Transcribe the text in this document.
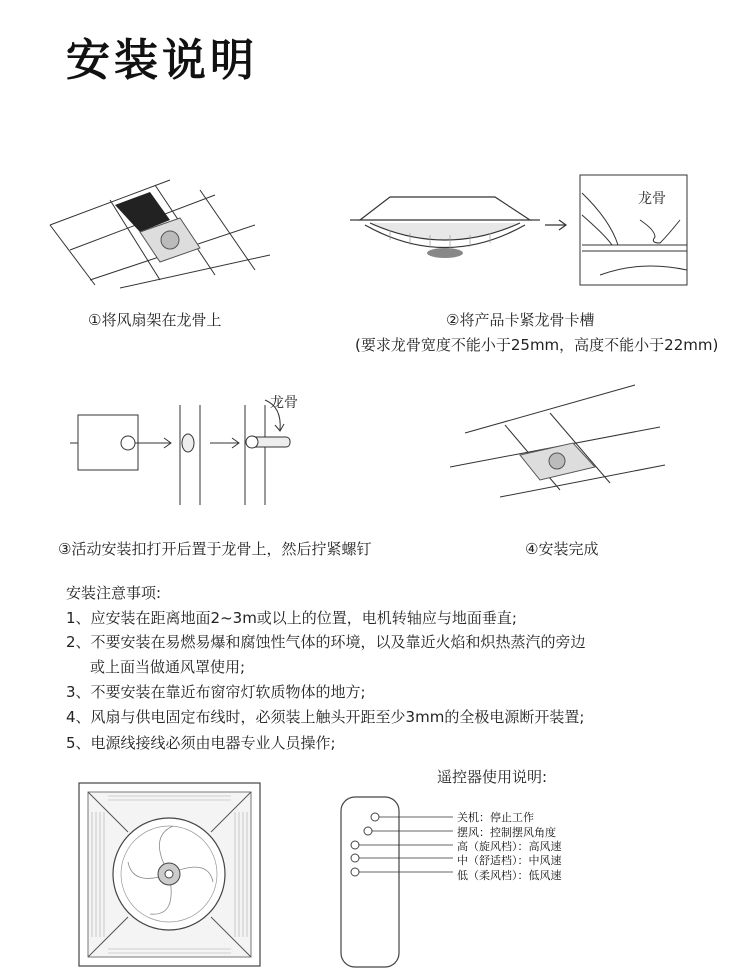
安装说明
①将风扇架在龙骨上
龙骨
②将产品卡紧龙骨卡槽
(要求龙骨宽度不能小于25mm，高度不能小于22mm)
龙骨
③活动安装扣打开后置于龙骨上，然后拧紧螺钉	④安装完成
安装注意事项:
1、应安装在距离地面2~3m或以上的位置，电机转轴应与地面垂直;
2、不要安装在易燃易爆和腐蚀性气体的环境，以及靠近火焰和炽热蒸汽的旁边
或上面当做通风罩使用;
3、不要安装在靠近布窗帘灯软质物体的地方;
4、风扇与供电固定布线时，必须装上触头开距至少3mm的全极电源断开装置;
5、电源线接线必须由电器专业人员操作;
遥控器使用说明:
关机：停止工作
摆风：控制摆风角度
高（旋风档）：高风速
中（舒适档）：中风速
低（柔风档）：低风速
